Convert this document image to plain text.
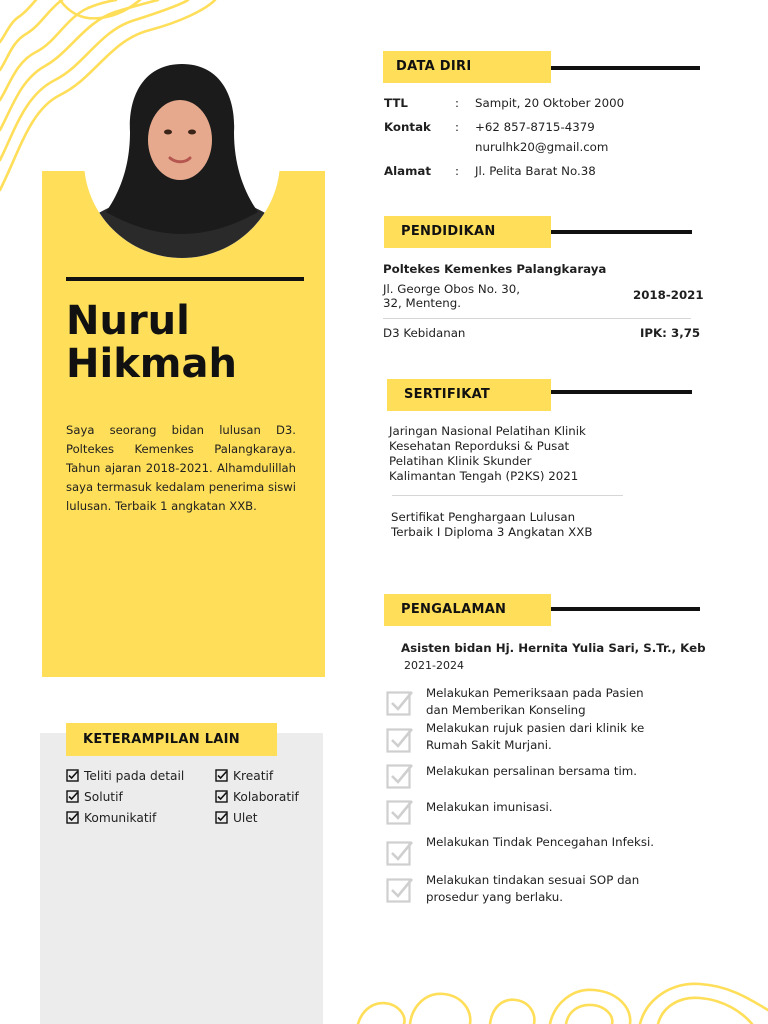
Nurul
Hikmah

Saya seorang bidan lulusan D3. Poltekes Kemenkes Palangkaraya. Tahun ajaran 2018-2021. Alhamdulillah saya termasuk kedalam penerima siswi lulusan. Terbaik 1 angkatan XXB.

KETERAMPILAN LAIN
Teliti pada detail	Kreatif
Solutif	Kolaboratif
Komunikatif	Ulet
DATA DIRI
TTL	: Sampit, 20 Oktober 2000
Kontak : +62 857-8715-4379
nurulhk20@gmail.com
Alamat : Jl. Pelita Barat No.38
PENDIDIKAN
Poltekes Kemenkes Palangkaraya
Jl. George Obos No. 30,
32, Menteng.
2018-2021
D3 Kebidanan	IPK: 3,75
SERTIFIKAT
Jaringan Nasional Pelatihan Klinik
Kesehatan Reporduksi & Pusat
Pelatihan Klinik Skunder
Kalimantan Tengah (P2KS) 2021
Sertifikat Penghargaan Lulusan
Terbaik I Diploma 3 Angkatan XXB
PENGALAMAN
Asisten bidan Hj. Hernita Yulia Sari, S.Tr., Keb
2021-2024
Melakukan Pemeriksaan pada Pasien
dan Memberikan Konseling
Melakukan rujuk pasien dari klinik ke
Rumah Sakit Murjani.
Melakukan persalinan bersama tim.
Melakukan imunisasi.
Melakukan Tindak Pencegahan Infeksi.
Melakukan tindakan sesuai SOP dan
prosedur yang berlaku.
